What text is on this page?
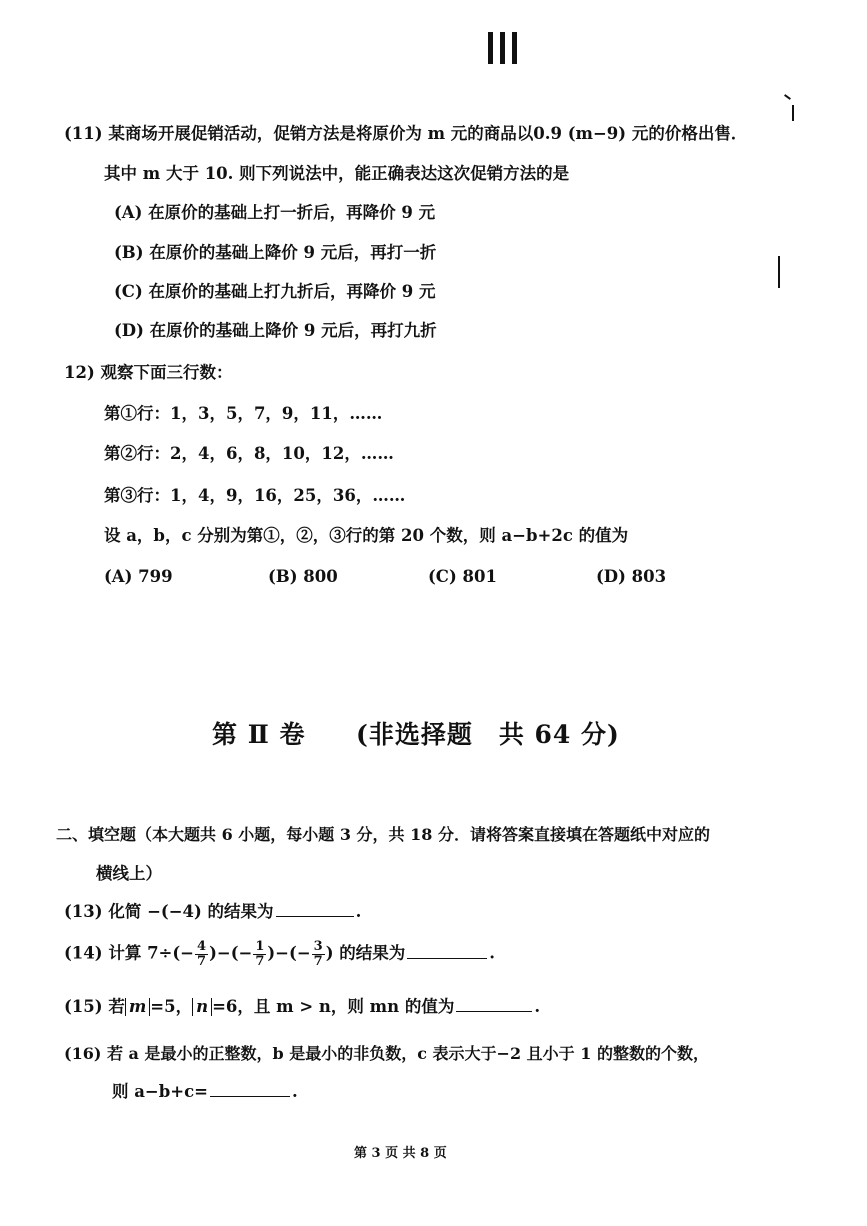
(11) 某商场开展促销活动，促销方法是将原价为 m 元的商品以0.9 (m−9) 元的价格出售．
其中 m 大于 10. 则下列说法中，能正确表达这次促销方法的是
(A) 在原价的基础上打一折后，再降价 9 元
(B) 在原价的基础上降价 9 元后，再打一折
(C) 在原价的基础上打九折后，再降价 9 元
(D) 在原价的基础上降价 9 元后，再打九折
12) 观察下面三行数：
第①行：1，3，5，7，9，11，……
第②行：2，4，6，8，10，12，……
第③行：1，4，9，16，25，36，……
设 a，b，c 分别为第①，②，③行的第 20 个数，则 a−b+2c 的值为
(A) 799	(B) 800	(C) 801	(D) 803
第 Ⅱ 卷 (非选择题　共 64 分)
二、填空题（本大题共 6 小题，每小题 3 分，共 18 分．请将答案直接填在答题纸中对应的
横线上）
(13) 化简 −(−4) 的结果为	.
(14) 计算 $7\div(- \frac{4}{7}$ )−(− $\frac{1}{7}$ )−(− $\frac{3}{7}$ ) 的结果为	.
(15) 若 m =5， n =6，且 m > n，则 mn 的值为	.
(16) 若 a 是最小的正整数，b 是最小的非负数，c 表示大于−2 且小于 1 的整数的个数，
则 a−b+c=	.
第 3 页 共 8 页
